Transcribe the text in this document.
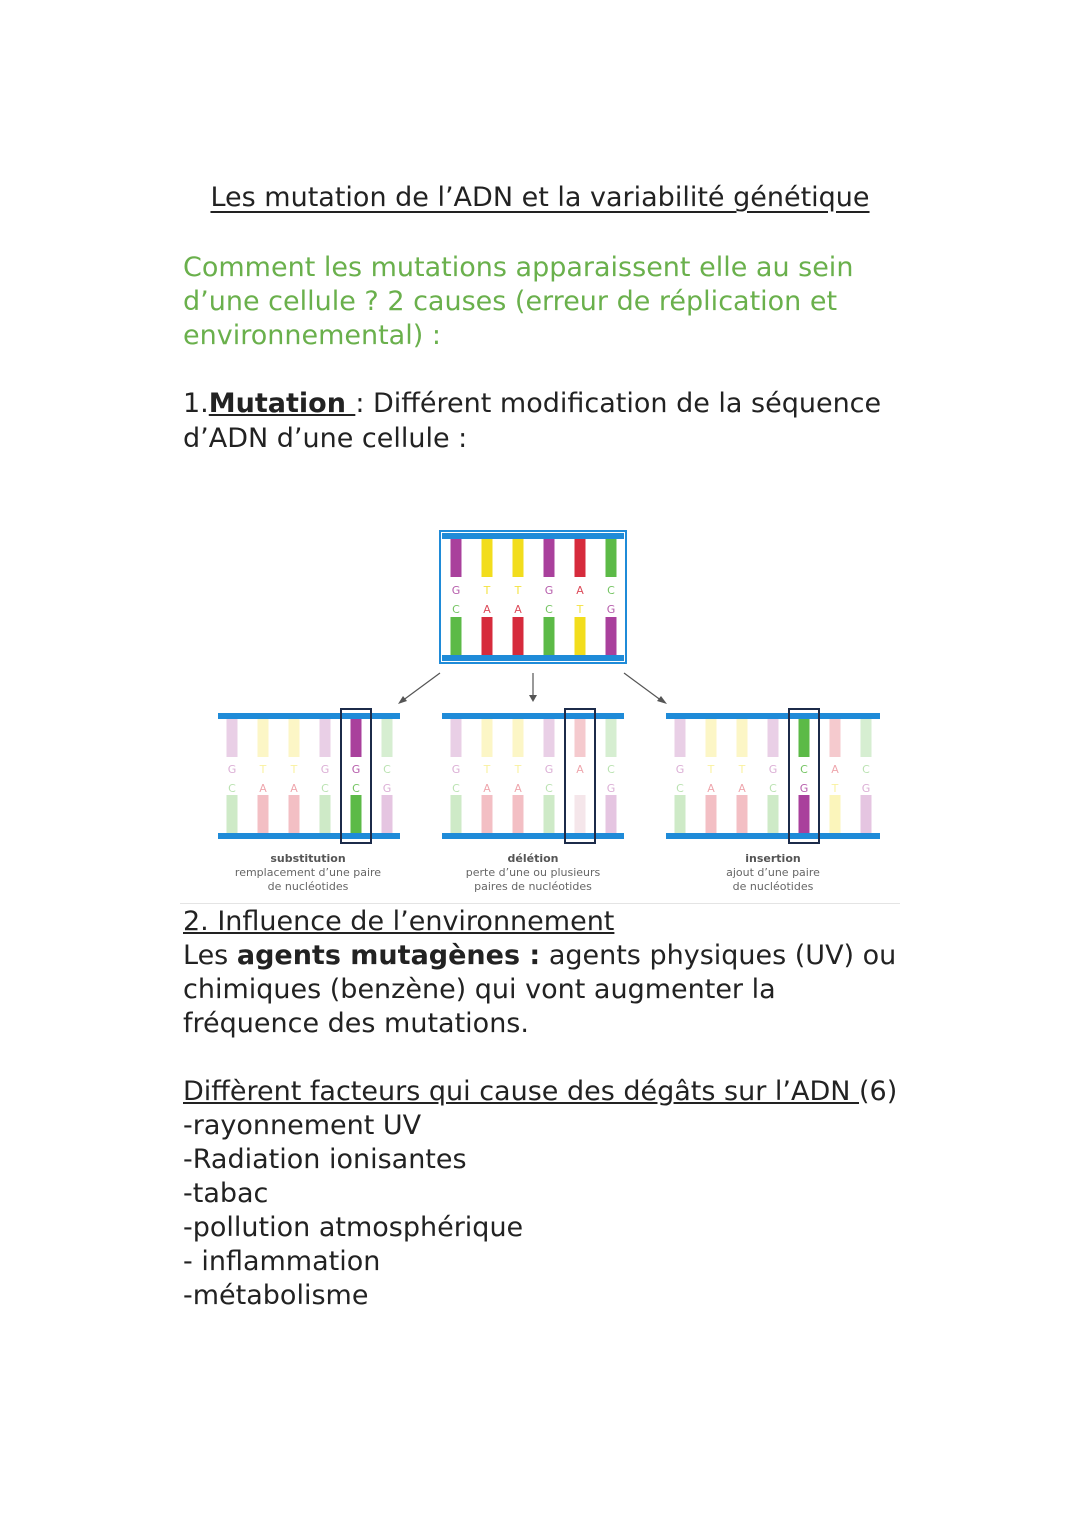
Les mutation de l’ADN et la variabilité génétique
Comment les mutations apparaissent elle au sein d’une cellule ? 2 causes (erreur de réplication et environnemental) :
1.Mutation : Différent modification de la séquence d’ADN d’une cellule :
G
C
T
A
T
A
G
C
A
T
C
G
G
C
T
A
T
A
G
C
G
C
C
G
G
C
T
A
T
A
G
C
A C
G
G
C
T
A
T
A
G
C
C
G
A
T
C
G
substitution
remplacement d’une paire
de nucléotides
délétion
perte d’une ou plusieurs
paires de nucléotides
insertion
ajout d’une paire
de nucléotides
2. Influence de l’environnement
Les agents mutagènes : agents physiques (UV) ou chimiques (benzène) qui vont augmenter la fréquence des mutations.
Diffèrent facteurs qui cause des dégâts sur l’ADN (6)
-rayonnement UV
-Radiation ionisantes
-tabac
-pollution atmosphérique
- inflammation
-métabolisme
